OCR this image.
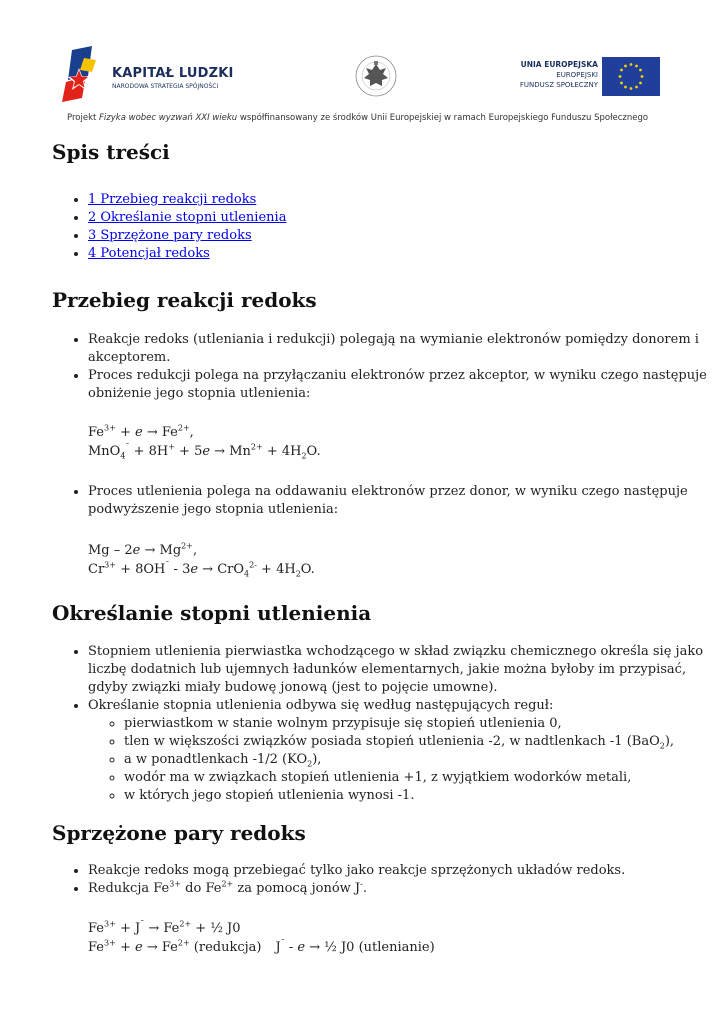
KAPITAŁ LUDZKI
NARODOWA STRATEGIA SPÓJNOŚCI
UNIA EUROPEJSKA
EUROPEJSKI
FUNDUSZ SPOŁECZNY
Projekt Fizyka wobec wyzwań XXI wieku współfinansowany ze środków Unii Europejskiej w ramach Europejskiego Funduszu Społecznego
Spis treści
• 1 Przebieg reakcji redoks
• 2 Określanie stopni utlenienia
• 3 Sprzężone pary redoks
• 4 Potencjał redoks
Przebieg reakcji redoks
• Reakcje redoks (utleniania i redukcji) polegają na wymianie elektronów pomiędzy donorem i akceptorem.
• Proces redukcji polega na przyłączaniu elektronów przez akceptor, w wyniku czego następuje obniżenie jego stopnia utlenienia:
$Fe^{3+} + e \to Fe^{2+}$,
$MnO_4^¯ + 8H^+ + 5e \to Mn^{2+} + 4H_2O$.
• Proces utlenienia polega na oddawaniu elektronów przez donor, w wyniku czego następuje podwyższenie jego stopnia utlenienia:
$Mg - 2e \to Mg^{2+}$,
$Cr^{3+} + 8OH^¯ - 3e \to CrO_4^{2-} + 4H_2O$.
Określanie stopni utlenienia
• Stopniem utlenienia pierwiastka wchodzącego w skład związku chemicznego określa się jako liczbę dodatnich lub ujemnych ładunków elementarnych, jakie można byłoby im przypisać, gdyby związki miały budowę jonową (jest to pojęcie umowne).
• Określanie stopnia utlenienia odbywa się według następujących reguł:
◦ pierwiastkom w stanie wolnym przypisuje się stopień utlenienia 0,
◦ tlen w większości związków posiada stopień utlenienia -2, w nadtlenkach -1 (BaO$_2$),
◦ a w ponadtlenkach -1/2 $(KO_2)$,
◦ wodór ma w związkach stopień utlenienia +1, z wyjątkiem wodorków metali,
◦ w których jego stopień utlenienia wynosi -1.
Sprzężone pary redoks
• Reakcje redoks mogą przebiegać tylko jako reakcje sprzężonych układów redoks.
• Redukcja $Fe^{3+}$ do $Fe^{2+}$ za pomocą jonów J-.
$Fe^{3+} + J^¯ \to Fe^{2+}$ + ½ J0
$Fe^{3+} + e \to Fe^{2+}$ (redukcja) J¯ - e → ½ J0 (utlenianie)
